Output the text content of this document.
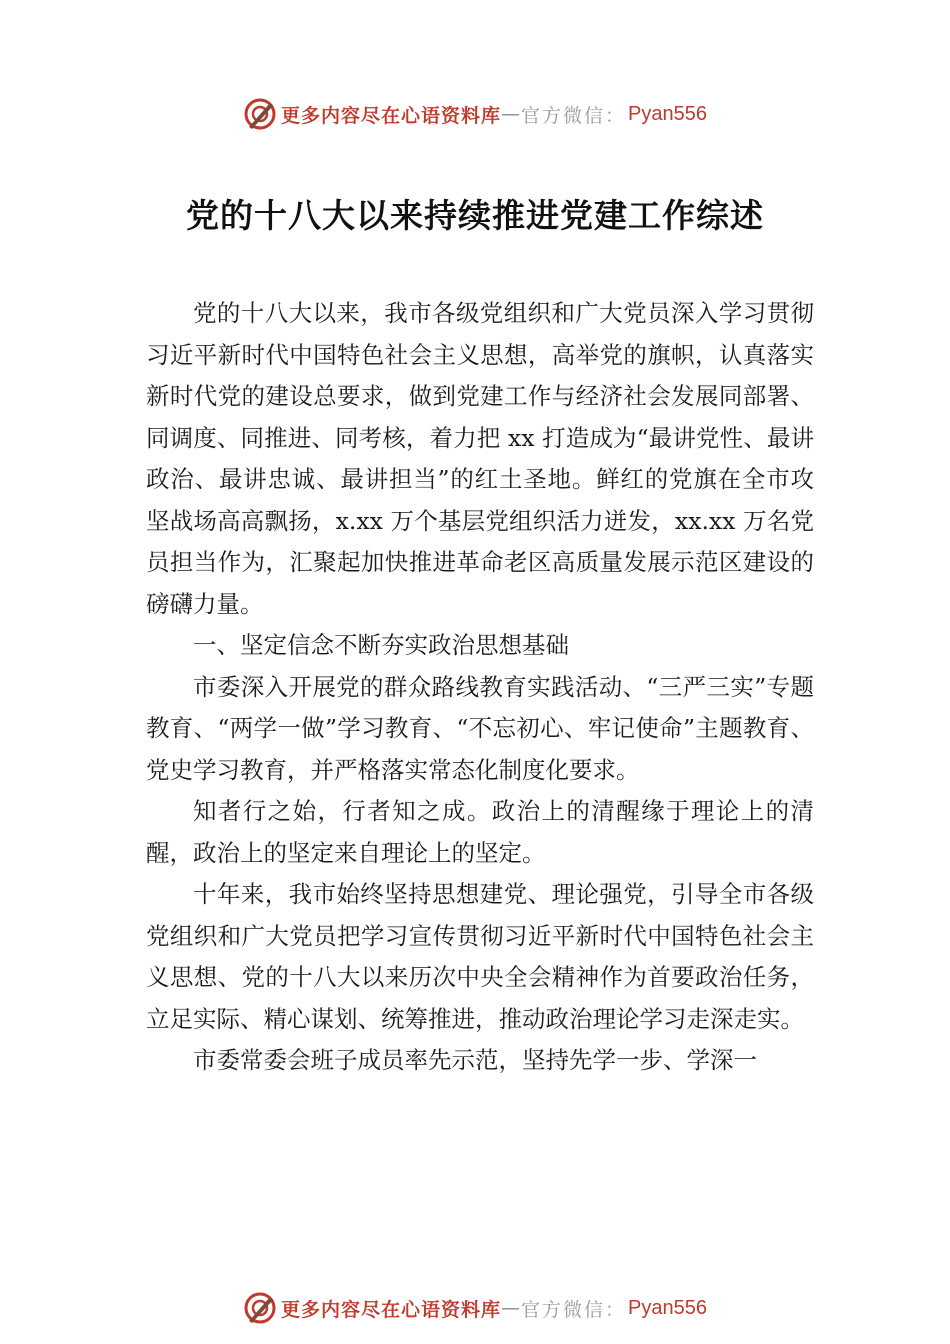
更多内容尽在心语资料库 — 官方微信： Pyan556
党的十八大以来持续推进党建工作综述

党的十八大以来，我市各级党组织和广大党员深入学习贯彻习近平新时代中国特色社会主义思想，高举党的旗帜，认真落实新时代党的建设总要求，做到党建工作与经济社会发展同部署、同调度、同推进、同考核，着力把 xx 打造成为“最讲党性、最讲政治、最讲忠诚、最讲担当”的红土圣地。鲜红的党旗在全市攻坚战场高高飘扬，x.xx 万个基层党组织活力迸发，xx.xx 万名党员担当作为，汇聚起加快推进革命老区高质量发展示范区建设的磅礴力量。

一、坚定信念不断夯实政治思想基础

市委深入开展党的群众路线教育实践活动、“三严三实”专题教育、“两学一做”学习教育、“不忘初心、牢记使命”主题教育、党史学习教育，并严格落实常态化制度化要求。

知者行之始，行者知之成。政治上的清醒缘于理论上的清醒，政治上的坚定来自理论上的坚定。

十年来，我市始终坚持思想建党、理论强党，引导全市各级党组织和广大党员把学习宣传贯彻习近平新时代中国特色社会主义思想、党的十八大以来历次中央全会精神作为首要政治任务，立足实际、精心谋划、统筹推进，推动政治理论学习走深走实。

市委常委会班子成员率先示范，坚持先学一步、学深一

更多内容尽在心语资料库 — 官方微信： Pyan556
